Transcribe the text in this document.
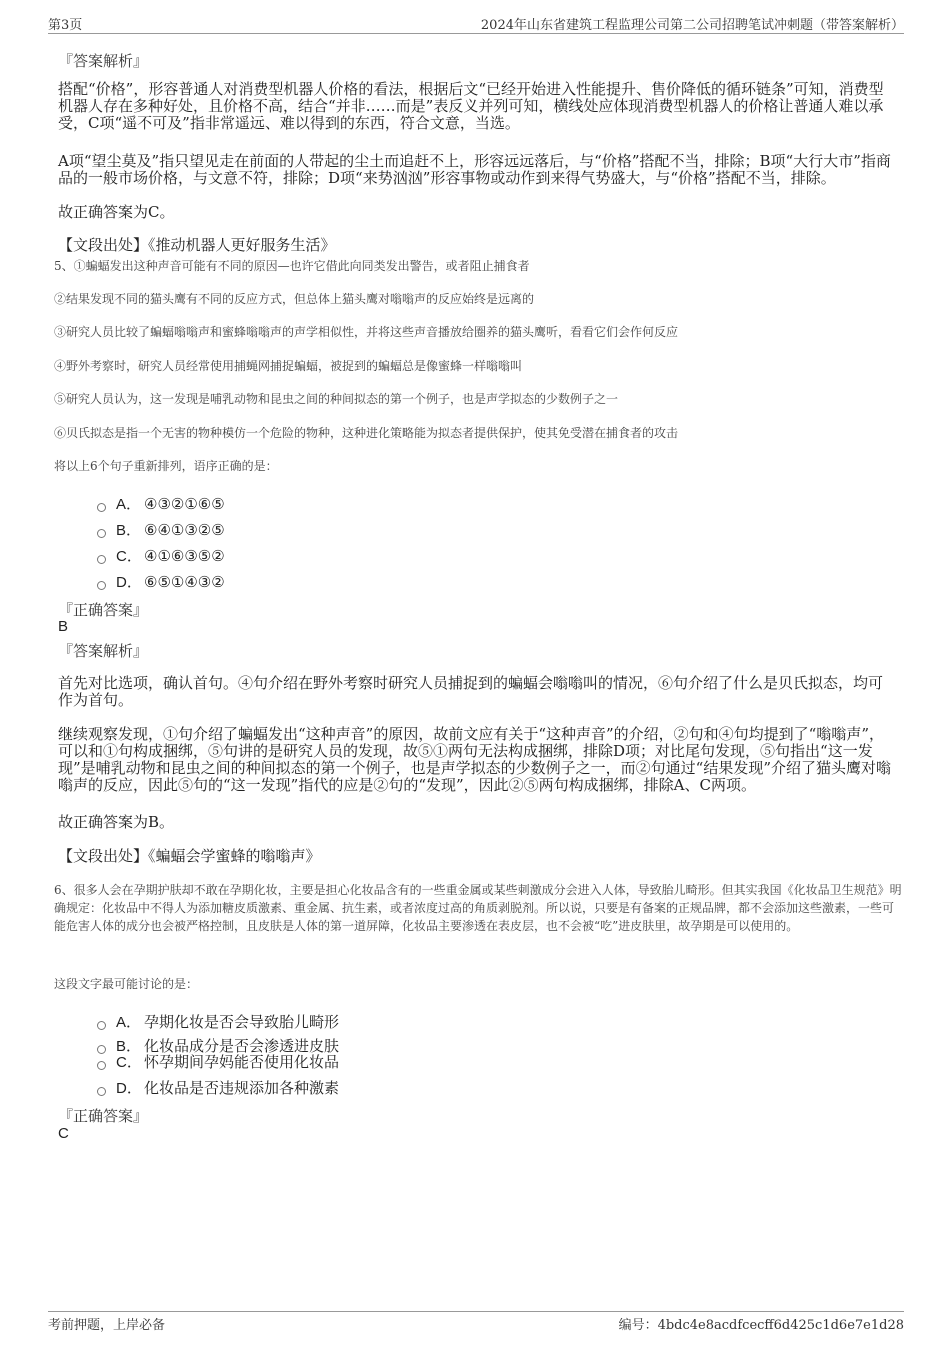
第3页	2024年山东省建筑工程监理公司第二公司招聘笔试冲刺题（带答案解析）
『答案解析』
搭配“价格”，形容普通人对消费型机器人价格的看法，根据后文“已经开始进入性能提升、售价降低的循环链条”可知，消费型机器人存在多种好处，且价格不高，结合“并非……而是”表反义并列可知，横线处应体现消费型机器人的价格让普通人难以承受，C项“遥不可及”指非常遥远、难以得到的东西，符合文意，当选。
A项“望尘莫及”指只望见走在前面的人带起的尘土而追赶不上，形容远远落后，与“价格”搭配不当，排除；B项“大行大市”指商品的一般市场价格，与文意不符，排除；D项“来势汹汹”形容事物或动作到来得气势盛大，与“价格”搭配不当，排除。
故正确答案为C。
【文段出处】《推动机器人更好服务生活》
5、①蝙蝠发出这种声音可能有不同的原因—也许它借此向同类发出警告，或者阻止捕食者
②结果发现不同的猫头鹰有不同的反应方式，但总体上猫头鹰对嗡嗡声的反应始终是远离的
③研究人员比较了蝙蝠嗡嗡声和蜜蜂嗡嗡声的声学相似性，并将这些声音播放给圈养的猫头鹰听，看看它们会作何反应
④野外考察时，研究人员经常使用捕蝇网捕捉蝙蝠，被捉到的蝙蝠总是像蜜蜂一样嗡嗡叫
⑤研究人员认为，这一发现是哺乳动物和昆虫之间的种间拟态的第一个例子，也是声学拟态的少数例子之一
⑥贝氏拟态是指一个无害的物种模仿一个危险的物种，这种进化策略能为拟态者提供保护，使其免受潜在捕食者的攻击
将以上6个句子重新排列，语序正确的是：
A． ④③②①⑥⑤
B． ⑥④①③②⑤
C． ④①⑥③⑤②
D． ⑥⑤①④③②
『正确答案』
B
『答案解析』
首先对比选项，确认首句。④句介绍在野外考察时研究人员捕捉到的蝙蝠会嗡嗡叫的情况，⑥句介绍了什么是贝氏拟态，均可作为首句。
继续观察发现，①句介绍了蝙蝠发出“这种声音”的原因，故前文应有关于“这种声音”的介绍，②句和④句均提到了“嗡嗡声”，可以和①句构成捆绑，⑤句讲的是研究人员的发现，故⑤①两句无法构成捆绑，排除D项；对比尾句发现，⑤句指出“这一发现”是哺乳动物和昆虫之间的种间拟态的第一个例子，也是声学拟态的少数例子之一，而②句通过“结果发现”介绍了猫头鹰对嗡嗡声的反应，因此⑤句的“这一发现”指代的应是②句的“发现”，因此②⑤两句构成捆绑，排除A、C两项。
故正确答案为B。
【文段出处】《蝙蝠会学蜜蜂的嗡嗡声》
6、很多人会在孕期护肤却不敢在孕期化妆，主要是担心化妆品含有的一些重金属或某些刺激成分会进入人体，导致胎儿畸形。但其实我国《化妆品卫生规范》明确规定：化妆品中不得人为添加糖皮质激素、重金属、抗生素，或者浓度过高的角质剥脱剂。所以说，只要是有备案的正规品牌，都不会添加这些激素，一些可能危害人体的成分也会被严格控制，且皮肤是人体的第一道屏障，化妆品主要渗透在表皮层，也不会被“吃”进皮肤里，故孕期是可以使用的。
这段文字最可能讨论的是：
A． 孕期化妆是否会导致胎儿畸形
B． 化妆品成分是否会渗透进皮肤
C． 怀孕期间孕妈能否使用化妆品
D． 化妆品是否违规添加各种激素
『正确答案』
C
考前押题，上岸必备	编号：4bdc4e8acdfcecff6d425c1d6e7e1d28
